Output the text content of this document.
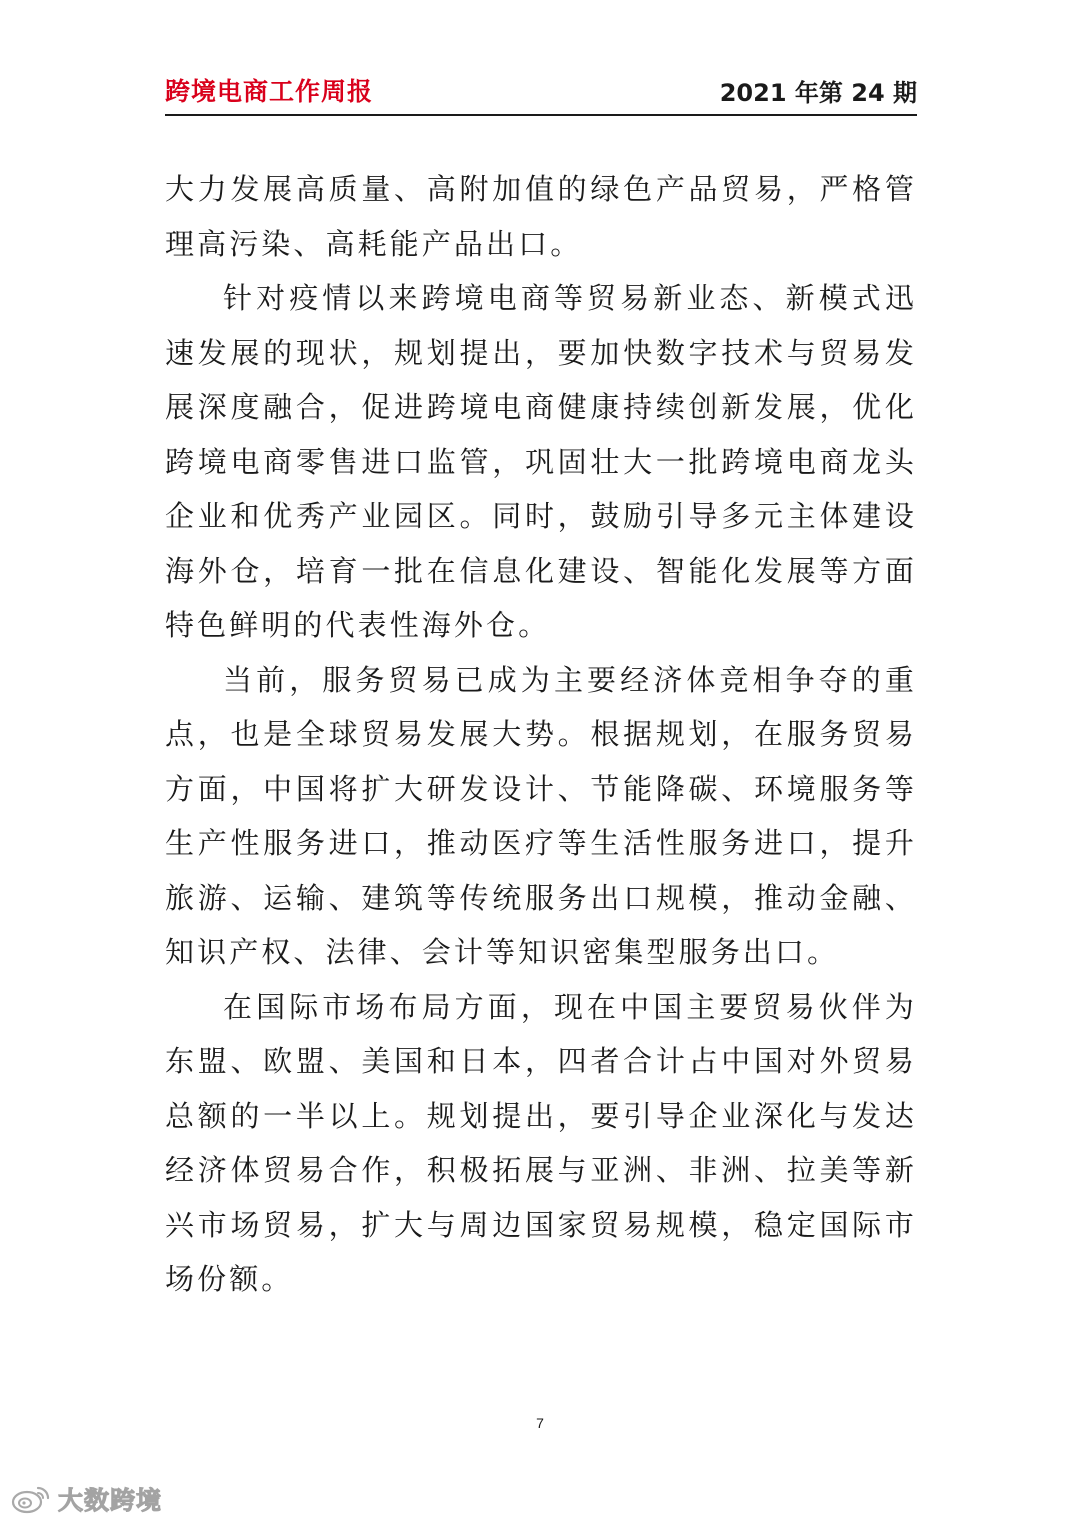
跨境电商工作周报	2021 年第 24 期

大力发展高质量、高附加值的绿色产品贸易，严格管理高污染、高耗能产品出口。

针对疫情以来跨境电商等贸易新业态、新模式迅速发展的现状，规划提出，要加快数字技术与贸易发展深度融合，促进跨境电商健康持续创新发展，优化跨境电商零售进口监管，巩固壮大一批跨境电商龙头企业和优秀产业园区。同时，鼓励引导多元主体建设海外仓，培育一批在信息化建设、智能化发展等方面特色鲜明的代表性海外仓。

当前，服务贸易已成为主要经济体竞相争夺的重点，也是全球贸易发展大势。根据规划，在服务贸易方面，中国将扩大研发设计、节能降碳、环境服务等生产性服务进口，推动医疗等生活性服务进口，提升旅游、运输、建筑等传统服务出口规模，推动金融、知识产权、法律、会计等知识密集型服务出口。

在国际市场布局方面，现在中国主要贸易伙伴为东盟、欧盟、美国和日本，四者合计占中国对外贸易总额的一半以上。规划提出，要引导企业深化与发达经济体贸易合作，积极拓展与亚洲、非洲、拉美等新兴市场贸易，扩大与周边国家贸易规模，稳定国际市场份额。

7
大数跨境
